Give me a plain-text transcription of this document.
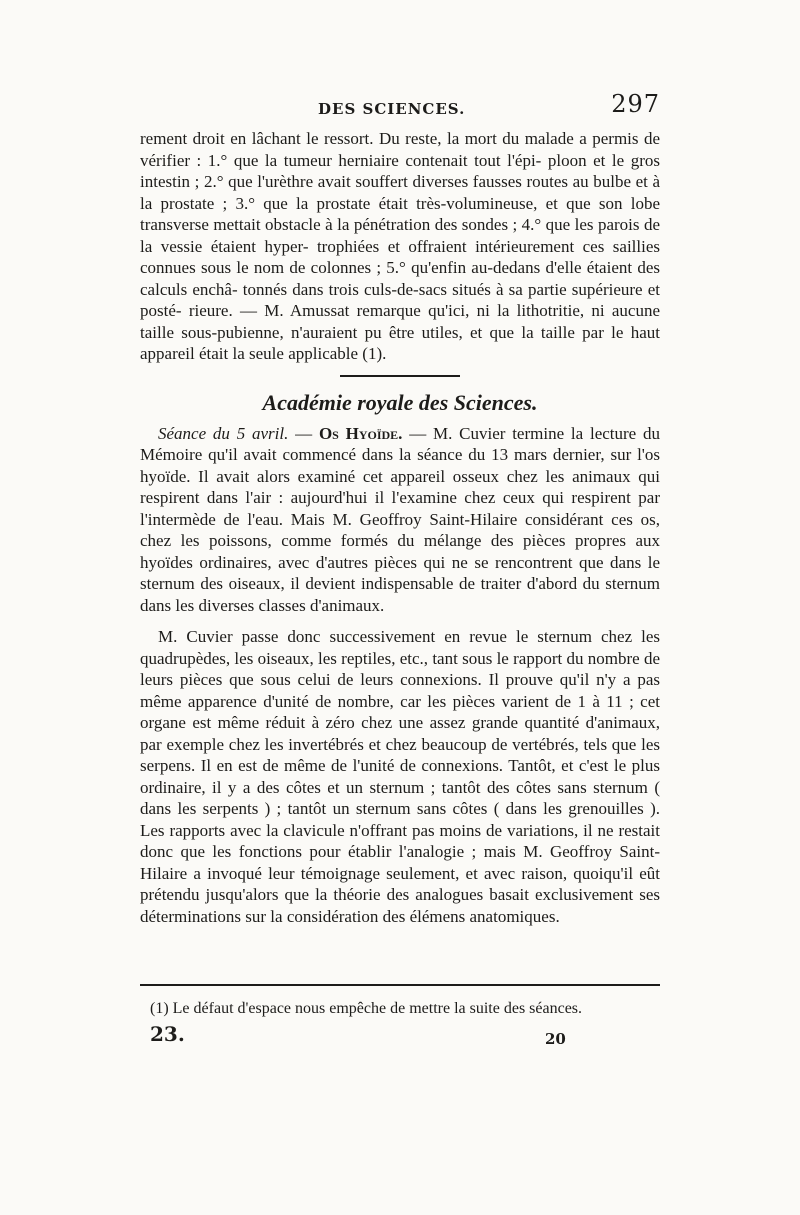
DES SCIENCES.	297

rement droit en lâchant le ressort. Du reste, la mort du malade a permis de vérifier : 1.° que la tumeur herniaire contenait tout l'épi- ploon et le gros intestin ; 2.° que l'urèthre avait souffert diverses fausses routes au bulbe et à la prostate ; 3.° que la prostate était très-volumineuse, et que son lobe transverse mettait obstacle à la pénétration des sondes ; 4.° que les parois de la vessie étaient hyper- trophiées et offraient intérieurement ces saillies connues sous le nom de colonnes ; 5.° qu'enfin au-dedans d'elle étaient des calculs enchâ- tonnés dans trois culs-de-sacs situés à sa partie supérieure et posté- rieure. — M. Amussat remarque qu'ici, ni la lithotritie, ni aucune taille sous-pubienne, n'auraient pu être utiles, et que la taille par le haut appareil était la seule applicable (1).

Académie royale des Sciences.

Séance du 5 avril. — Os Hyoïde. — M. Cuvier termine la lecture du Mémoire qu'il avait commencé dans la séance du 13 mars dernier, sur l'os hyoïde. Il avait alors examiné cet appareil osseux chez les animaux qui respirent dans l'air : aujourd'hui il l'examine chez ceux qui respirent par l'intermède de l'eau. Mais M. Geoffroy Saint-Hilaire considérant ces os, chez les poissons, comme formés du mélange des pièces propres aux hyoïdes ordinaires, avec d'autres pièces qui ne se rencontrent que dans le sternum des oiseaux, il devient indispensable de traiter d'abord du sternum dans les diverses classes d'animaux.

M. Cuvier passe donc successivement en revue le sternum chez les quadrupèdes, les oiseaux, les reptiles, etc., tant sous le rapport du nombre de leurs pièces que sous celui de leurs connexions. Il prouve qu'il n'y a pas même apparence d'unité de nombre, car les pièces varient de 1 à 11 ; cet organe est même réduit à zéro chez une assez grande quantité d'animaux, par exemple chez les invertébrés et chez beaucoup de vertébrés, tels que les serpens. Il en est de même de l'unité de connexions. Tantôt, et c'est le plus ordinaire, il y a des côtes et un sternum ; tantôt des côtes sans sternum ( dans les serpents ) ; tantôt un sternum sans côtes ( dans les grenouilles ). Les rapports avec la clavicule n'offrant pas moins de variations, il ne restait donc que les fonctions pour établir l'analogie ; mais M. Geoffroy Saint-Hilaire a invoqué leur témoignage seulement, et avec raison, quoiqu'il eût prétendu jusqu'alors que la théorie des analogues basait exclusivement ses déterminations sur la considération des élémens anatomiques.

(1) Le défaut d'espace nous empêche de mettre la suite des séances.
23.	20
